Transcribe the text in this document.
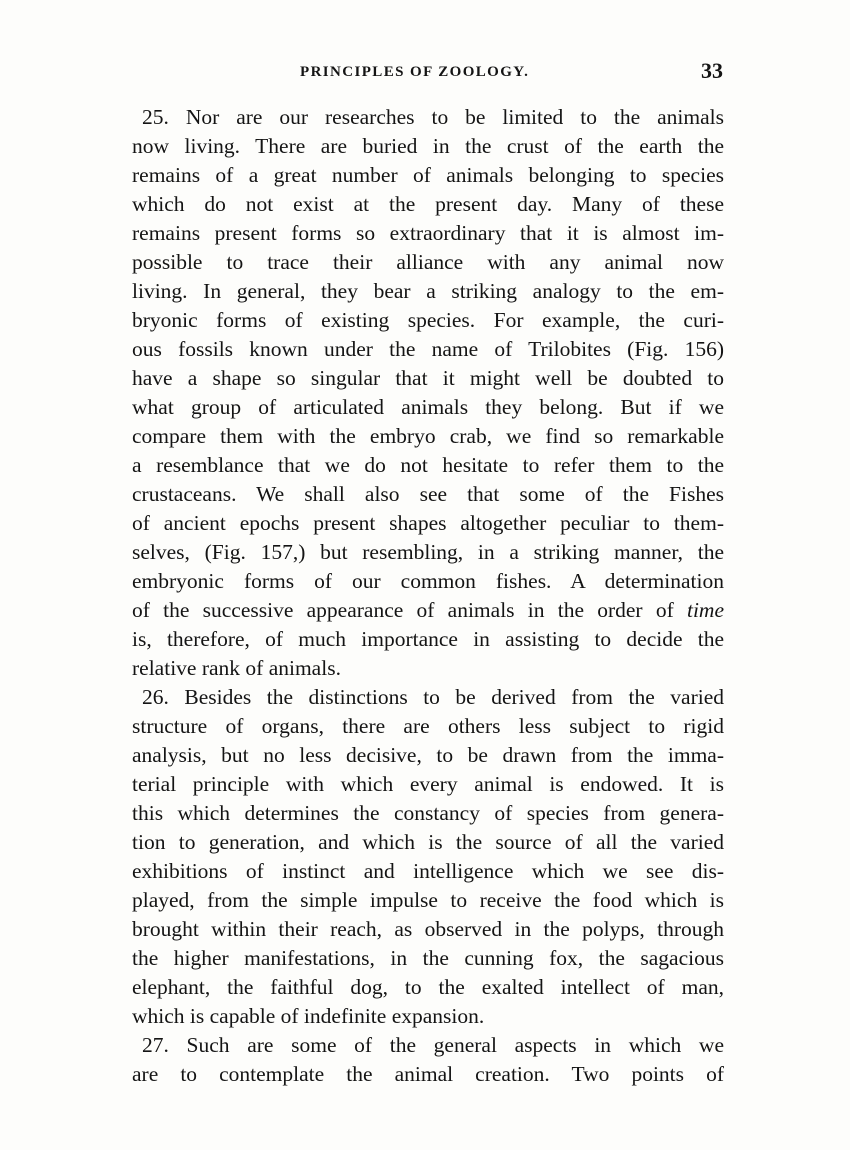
PRINCIPLES OF ZOOLOGY.	33
25. Nor are our researches to be limited to the animals
now living. There are buried in the crust of the earth the
remains of a great number of animals belonging to species
which do not exist at the present day. Many of these
remains present forms so extraordinary that it is almost im-
possible to trace their alliance with any animal now
living. In general, they bear a striking analogy to the em-
bryonic forms of existing species. For example, the curi-
ous fossils known under the name of Trilobites (Fig. 156)
have a shape so singular that it might well be doubted to
what group of articulated animals they belong. But if we
compare them with the embryo crab, we find so remarkable
a resemblance that we do not hesitate to refer them to the
crustaceans. We shall also see that some of the Fishes
of ancient epochs present shapes altogether peculiar to them-
selves, (Fig. 157,) but resembling, in a striking manner, the
embryonic forms of our common fishes. A determination
of the successive appearance of animals in the order of time
is, therefore, of much importance in assisting to decide the
relative rank of animals.
26. Besides the distinctions to be derived from the varied
structure of organs, there are others less subject to rigid
analysis, but no less decisive, to be drawn from the imma-
terial principle with which every animal is endowed. It is
this which determines the constancy of species from genera-
tion to generation, and which is the source of all the varied
exhibitions of instinct and intelligence which we see dis-
played, from the simple impulse to receive the food which is
brought within their reach, as observed in the polyps, through
the higher manifestations, in the cunning fox, the sagacious
elephant, the faithful dog, to the exalted intellect of man,
which is capable of indefinite expansion.
27. Such are some of the general aspects in which we
are to contemplate the animal creation. Two points of
